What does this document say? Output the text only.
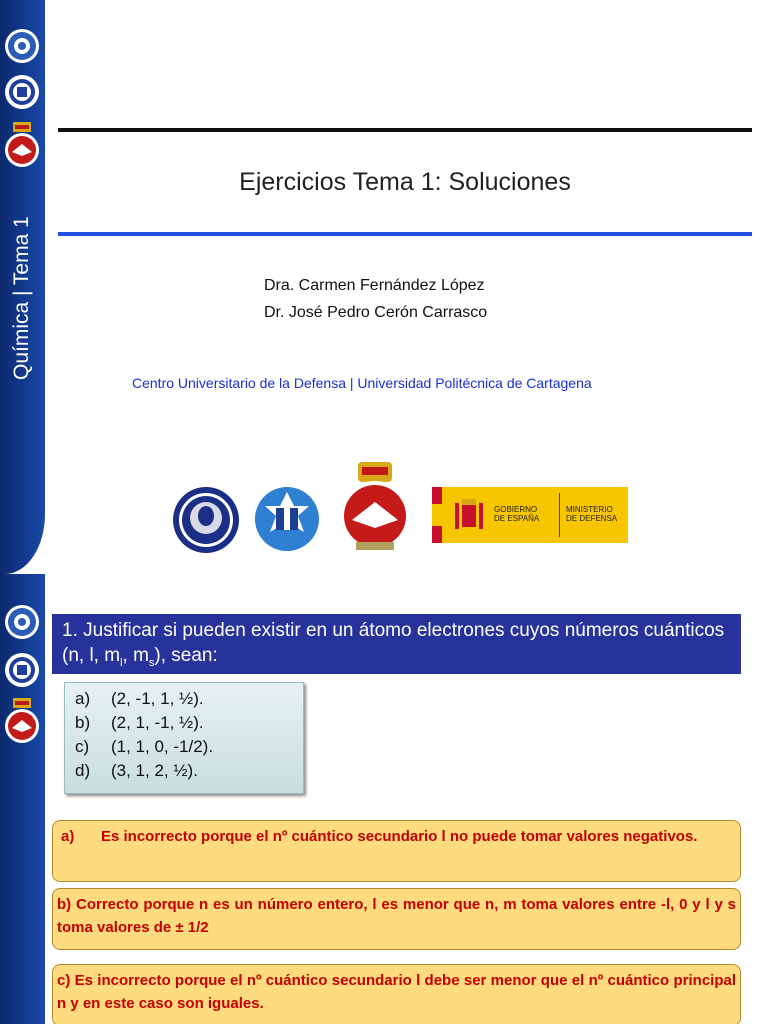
Química | Tema 1
Ejercicios Tema 1: Soluciones
Dra. Carmen Fernández López
Dr. José Pedro Cerón Carrasco
Centro Universitario de la Defensa | Universidad Politécnica de Cartagena
GOBIERNO
DE ESPAÑA
MINISTERIO
DE DEFENSA
1. Justificar si pueden existir en un átomo electrones cuyos números cuánticos (n, l, $m_l$, $m_s$), sean:
a) (2, -1, 1, ½).
b) (2, 1, -1, ½).
c) (1, 1, 0, -1/2).
d) (3, 1, 2, ½).
a)	Es incorrecto porque el nº cuántico secundario l no puede tomar valores negativos.
b) Correcto porque n es un número entero, l es menor que n, m toma valores entre -l, 0 y l y s toma valores de ± 1/2
c) Es incorrecto porque el nº cuántico secundario l debe ser menor que el nº cuántico principal n y en este caso son iguales.
